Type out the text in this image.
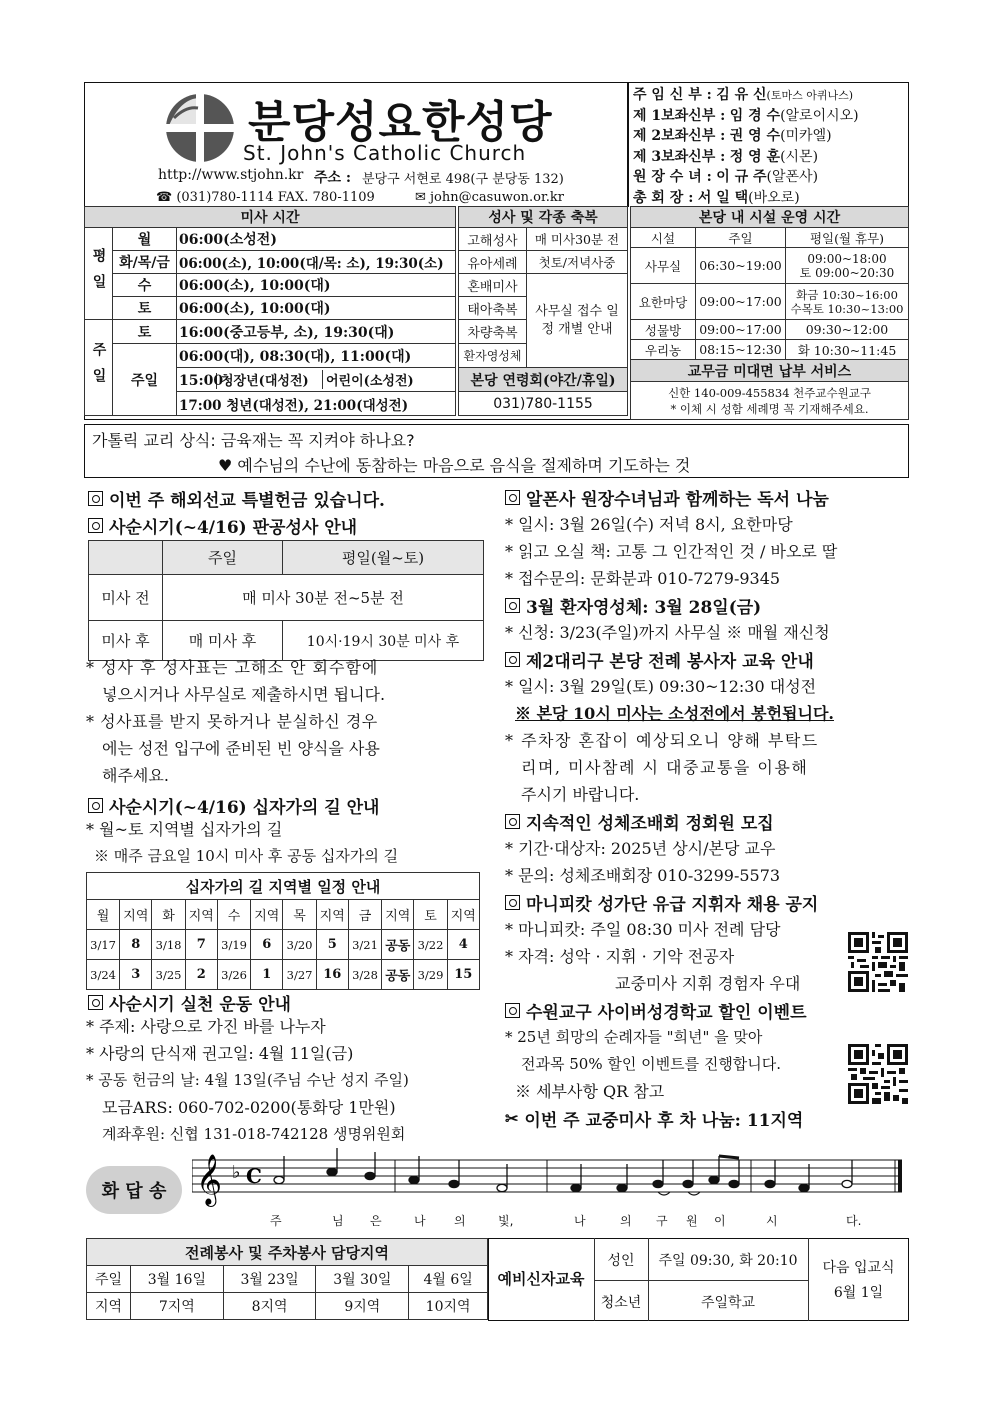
분당성요한성당
St. John's Catholic Church
http://www.stjohn.kr 주소 : 분당구 서현로 498(구 분당동 132)
☎ (031)780-1114 FAX. 780-1109	✉ john@casuwon.or.kr
주 임 신 부 : 김 유 신(토마스 아퀴나스)
제 1보좌신부 : 임 경 수(알로이시오)
제 2보좌신부 : 권 영 수(미카엘)
제 3보좌신부 : 정 영 훈(시몬)
원 장 수 녀 : 이 규 주(알폰사)
총 회 장 : 서 일 택(바오로)
미사 시간		
평일	월	06:00(소성전)
	화/목/금	06:00(소), 10:00(대/목: 소), 19:30(소)
	수	06:00(소), 10:00(대)
	토	06:00(소), 10:00(대)
주일	토	16:00(중고등부, 소), 19:30(대)
	주일	06:00(대), 08:30(대), 11:00(대)
		15:00청장년(대성전) 어린이(소성전)
		17:00 청년(대성전), 21:00(대성전)
성사 및 각종 축복	
고해성사	매 미사30분 전
유아세례	첫토/저녁사중
혼배미사	사무실 접수 일정 개별 안내
태아축복	
차량축복	
환자영성체	
본당 연령회(야간/휴일)	
031)780-1155	
본당 내 시설 운영 시간		
시설	주일	평일(월 휴무)
사무실	06:30~19:00	09:00~18:00
토 09:00~20:30

요한마당	09:00~17:00	화금 10:30~16:00
수목토 10:30~13:00

성물방	09:00~17:00	09:30~12:00
우리농	08:15~12:30	화 10:30~11:45
교무금 미대면 납부 서비스		

신한 140-009-455834 천주교수원교구
* 이체 시 성함 세례명 꼭 기재해주세요.		
가톨릭 교리 상식: 금육재는 꼭 지켜야 하나요?
♥ 예수님의 수난에 동참하는 마음으로 음식을 절제하며 기도하는 것
이번 주 해외선교 특별헌금 있습니다.
사순시기(~4/16) 판공성사 안내
	주일	평일(월~토)
미사 전	매 미사 30분 전~5분 전	
미사 후	매 미사 후	10시·19시 30분 미사 후
* 성사 후 성사표는 고해소 안 회수함에
넣으시거나 사무실로 제출하시면 됩니다.
* 성사표를 받지 못하거나 분실하신 경우
에는 성전 입구에 준비된 빈 양식을 사용
해주세요.
사순시기(~4/16) 십자가의 길 안내
* 월~토 지역별 십자가의 길
※ 매주 금요일 10시 미사 후 공동 십자가의 길
십자가의 길 지역별 일정 안내											
월	지역	화	지역	수	지역	목	지역	금	지역	토	지역
3/17	8	3/18	7	3/19	6	3/20	5	3/21	공동	3/22	4
3/24	3	3/25	2	3/26	1	3/27	16	3/28	공동	3/29	15
사순시기 실천 운동 안내
* 주제: 사랑으로 가진 바를 나누자
* 사랑의 단식재 권고일: 4월 11일(금)
* 공동 헌금의 날: 4월 13일(주님 수난 성지 주일)
모금ARS: 060-702-0200(통화당 1만원)
계좌후원: 신협 131-018-742128 생명위원회
알폰사 원장수녀님과 함께하는 독서 나눔
* 일시: 3월 26일(수) 저녁 8시, 요한마당
* 읽고 오실 책: 고통 그 인간적인 것 / 바오로 딸
* 접수문의: 문화분과 010-7279-9345
3월 환자영성체: 3월 28일(금)
* 신청: 3/23(주일)까지 사무실 ※ 매월 재신청
제2대리구 본당 전례 봉사자 교육 안내
* 일시: 3월 29일(토) 09:30~12:30 대성전
※ 본당 10시 미사는 소성전에서 봉헌됩니다.
* 주차장 혼잡이 예상되오니 양해 부탁드
리며, 미사참례 시 대중교통을 이용해
주시기 바랍니다.
지속적인 성체조배회 정회원 모집
* 기간·대상자: 2025년 상시/본당 교우
* 문의: 성체조배회장 010-3299-5573
마니피캇 성가단 유급 지휘자 채용 공지
* 마니피캇: 주일 08:30 미사 전례 담당
* 자격: 성악 · 지휘 · 기악 전공자
교중미사 지휘 경험자 우대
수원교구 사이버성경학교 할인 이벤트
* 25년 희망의 순례자들 "희년" 을 맞아
전과목 50% 할인 이벤트를 진행합니다.
※ 세부사항 QR 참고
✂ 이번 주 교중미사 후 차 나눔: 11지역
화 답 송 𝄞 ♭ C
주	님 은	나 의	빛,	나	의 구 원 이	시	다.
전례봉사 및 주차봉사 담당지역				
주일	3월 16일	3월 23일	3월 30일	4월 6일
지역	7지역	8지역	9지역	10지역
예비신자교육
성인	주일 09:30, 화 20:10
청소년	주일학교
다음 입교식
6월 1일
